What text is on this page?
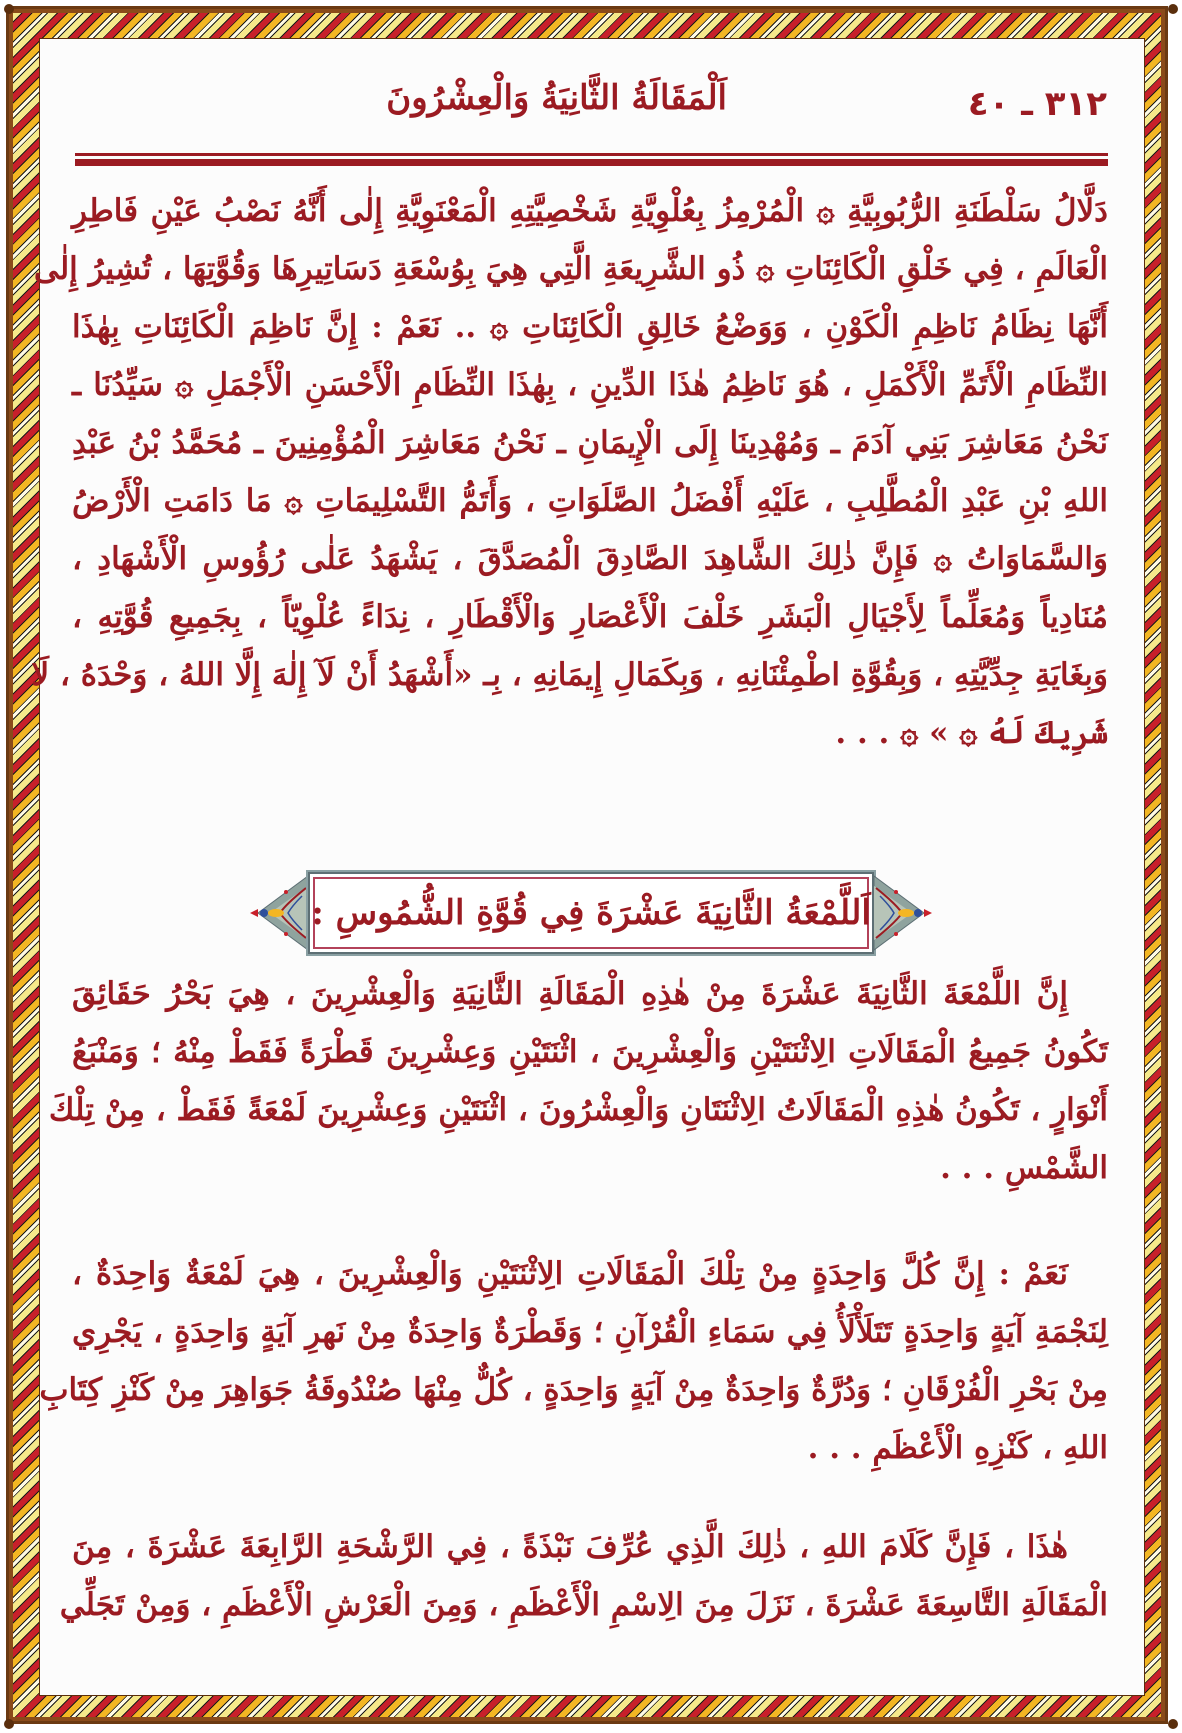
٣١٢ ـ ٤٠
اَلْمَقَالَةُ الثَّانِيَةُ وَالْعِشْرُونَ
دَلَّالُ سَلْطَنَةِ الرُّبُوبِيَّةِ ۞ الْمُرْمِزُ بِعُلْوِيَّةِ شَخْصِيَّتِهِ الْمَعْنَوِيَّةِ إِلٰى أَنَّهُ نَصْبُ عَيْنِ فَاطِرِ
الْعَالَمِ ، فِي خَلْقِ الْكَائِنَاتِ ۞ ذُو الشَّرِيعَةِ الَّتِي هِيَ بِوُسْعَةِ دَسَاتِيرِهَا وَقُوَّتِهَا ، تُشِيرُ إِلٰى
أَنَّهَا نِظَامُ نَاظِمِ الْكَوْنِ ، وَوَضْعُ خَالِقِ الْكَائِنَاتِ ۞ .. نَعَمْ : إِنَّ نَاظِمَ الْكَائِنَاتِ بِهٰذَا
النِّظَامِ الْأَتَمِّ الْأَكْمَلِ ، هُوَ نَاظِمُ هٰذَا الدِّينِ ، بِهٰذَا النِّظَامِ الْأَحْسَنِ الْأَجْمَلِ ۞ سَيِّدُنَا ـ
نَحْنُ مَعَاشِرَ بَنِي آدَمَ ـ وَمُهْدِينَا إِلَى الْإِيمَانِ ـ نَحْنُ مَعَاشِرَ الْمُؤْمِنِينَ ـ مُحَمَّدُ بْنُ عَبْدِ
اللهِ بْنِ عَبْدِ الْمُطَّلِبِ ، عَلَيْهِ أَفْضَلُ الصَّلَوَاتِ ، وَأَتَمُّ التَّسْلِيمَاتِ ۞ مَا دَامَتِ الْأَرْضُ
وَالسَّمَاوَاتُ ۞ فَإِنَّ ذٰلِكَ الشَّاهِدَ الصَّادِقَ الْمُصَدَّقَ ، يَشْهَدُ عَلٰى رُؤُوسِ الْأَشْهَادِ ،
مُنَادِياً وَمُعَلِّماً لِأَجْيَالِ الْبَشَرِ خَلْفَ الْأَعْصَارِ وَالْأَقْطَارِ ، نِدَاءً عُلْوِيّاً ، بِجَمِيعِ قُوَّتِهِ ،
وَبِغَايَةِ جِدِّيَّتِهِ ، وَبِقُوَّةِ اطْمِئْنَانِهِ ، وَبِكَمَالِ إِيمَانِهِ ، بِـ «أَشْهَدُ أَنْ لَآ إِلٰهَ إِلَّا اللهُ ، وَحْدَهُ ، لَا
شَرِيكَ لَهُ ۞ » ۞ . . .
اَللَّمْعَةُ الثَّانِيَةَ عَشْرَةَ فِي قُوَّةِ الشُّمُوسِ :
إِنَّ اللَّمْعَةَ الثَّانِيَةَ عَشْرَةَ مِنْ هٰذِهِ الْمَقَالَةِ الثَّانِيَةِ وَالْعِشْرِينَ ، هِيَ بَحْرُ حَقَائِقَ
تَكُونُ جَمِيعُ الْمَقَالَاتِ الِاثْنَتَيْنِ وَالْعِشْرِينَ ، اثْنَتَيْنِ وَعِشْرِينَ قَطْرَةً فَقَطْ مِنْهُ ؛ وَمَنْبَعُ
أَنْوَارٍ ، تَكُونُ هٰذِهِ الْمَقَالَاتُ الِاثْنَتَانِ وَالْعِشْرُونَ ، اثْنَتَيْنِ وَعِشْرِينَ لَمْعَةً فَقَطْ ، مِنْ تِلْكَ
الشَّمْسِ . . .
نَعَمْ : إِنَّ كُلَّ وَاحِدَةٍ مِنْ تِلْكَ الْمَقَالَاتِ الِاثْنَتَيْنِ وَالْعِشْرِينَ ، هِيَ لَمْعَةٌ وَاحِدَةٌ ،
لِنَجْمَةِ آيَةٍ وَاحِدَةٍ تَتَلَأْلَأُ فِي سَمَاءِ الْقُرْآنِ ؛ وَقَطْرَةٌ وَاحِدَةٌ مِنْ نَهرِ آيَةٍ وَاحِدَةٍ ، يَجْرِي
مِنْ بَحْرِ الْفُرْقَانِ ؛ وَدُرَّةٌ وَاحِدَةٌ مِنْ آيَةٍ وَاحِدَةٍ ، كُلٌّ مِنْهَا صُنْدُوقَةُ جَوَاهِرَ مِنْ كَنْزِ كِتَابِ
اللهِ ، كَنْزِهِ الْأَعْظَمِ . . .
هٰذَا ، فَإِنَّ كَلَامَ اللهِ ، ذٰلِكَ الَّذِي عُرِّفَ نَبْذَةً ، فِي الرَّشْحَةِ الرَّابِعَةَ عَشْرَةَ ، مِنَ
الْمَقَالَةِ التَّاسِعَةَ عَشْرَةَ ، نَزَلَ مِنَ الِاسْمِ الْأَعْظَمِ ، وَمِنَ الْعَرْشِ الْأَعْظَمِ ، وَمِنْ تَجَلِّي
